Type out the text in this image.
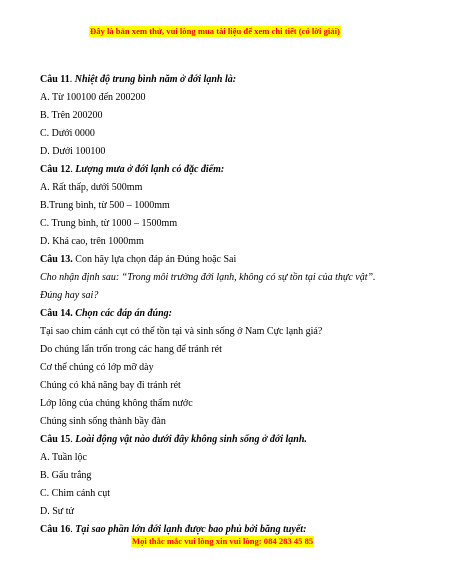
Đây là bản xem thử, vui lòng mua tài liệu để xem chi tiết (có lời giải)
Câu 11. Nhiệt độ trung bình năm ở đới lạnh là:
A. Từ 100100 đến 200200
B. Trên 200200
C. Dưới 0000
D. Dưới 100100
Câu 12. Lượng mưa ở đới lạnh có đặc điểm:
A. Rất thấp, dưới 500mm
B.Trung bình, từ 500 – 1000mm
C. Trung bình, từ 1000 – 1500mm
D. Khá cao, trên 1000mm
Câu 13. Con hãy lựa chọn đáp án Đúng hoặc Sai
Cho nhận định sau: “Trong môi trường đới lạnh, không có sự tồn tại của thực vật”.
Đúng hay sai?
Câu 14. Chọn các đáp án đúng:
Tại sao chim cánh cụt có thể tồn tại và sinh sống ở Nam Cực lạnh giá?
Do chúng lẩn trốn trong các hang để tránh rét
Cơ thể chúng có lớp mỡ dày
Chúng có khả năng bay đi tránh rét
Lớp lông của chúng không thấm nước
Chúng sinh sống thành bầy đàn
Câu 15. Loài động vật nào dưới đây không sinh sống ở đới lạnh.
A. Tuần lộc
B. Gấu trắng
C. Chim cánh cụt
D. Sư tử
Câu 16. Tại sao phần lớn đới lạnh được bao phủ bởi băng tuyết:
Mọi thắc mắc vui lòng xin vui lòng: 084 283 45 85
